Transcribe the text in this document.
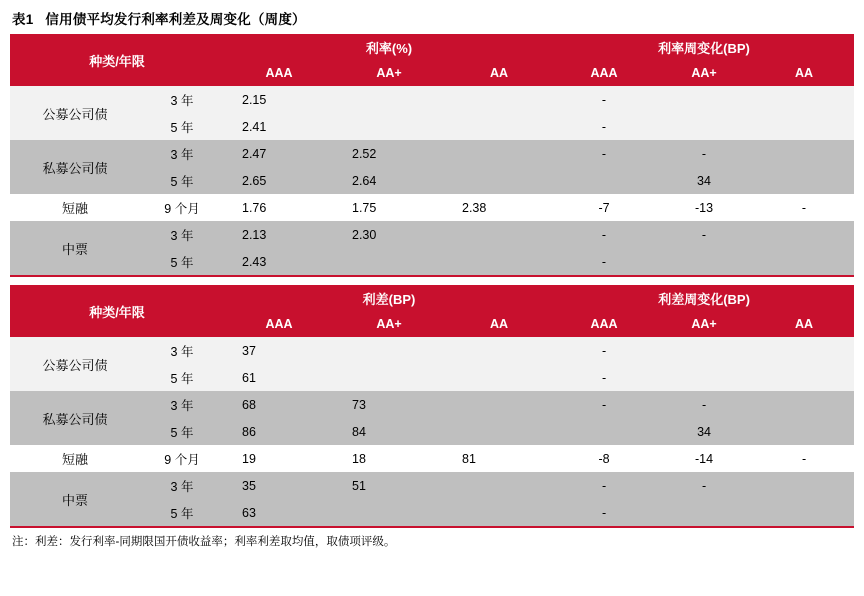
表1 信用债平均发行利率利差及周变化（周度）
种类/年限		利率(%)			利率周变化(BP)		
		AAA	AA+	AA	AAA	AA+	AA
公募公司债	3 年	2.15			-		
	5 年	2.41			-		
私募公司债	3 年	2.47	2.52		-	-	
	5 年	2.65	2.64			34	
短融	9 个月	1.76	1.75	2.38	-7	-13	-
中票	3 年	2.13	2.30		-	-	
	5 年	2.43			-		
种类/年限		利差(BP)			利差周变化(BP)		
		AAA	AA+	AA	AAA	AA+	AA
公募公司债	3 年	37			-		
	5 年	61			-		
私募公司债	3 年	68	73		-	-	
	5 年	86	84			34	
短融	9 个月	19	18	81	-8	-14	-
中票	3 年	35	51		-	-	
	5 年	63			-		
注：利差：发行利率-同期限国开债收益率；利率利差取均值，取债项评级。
